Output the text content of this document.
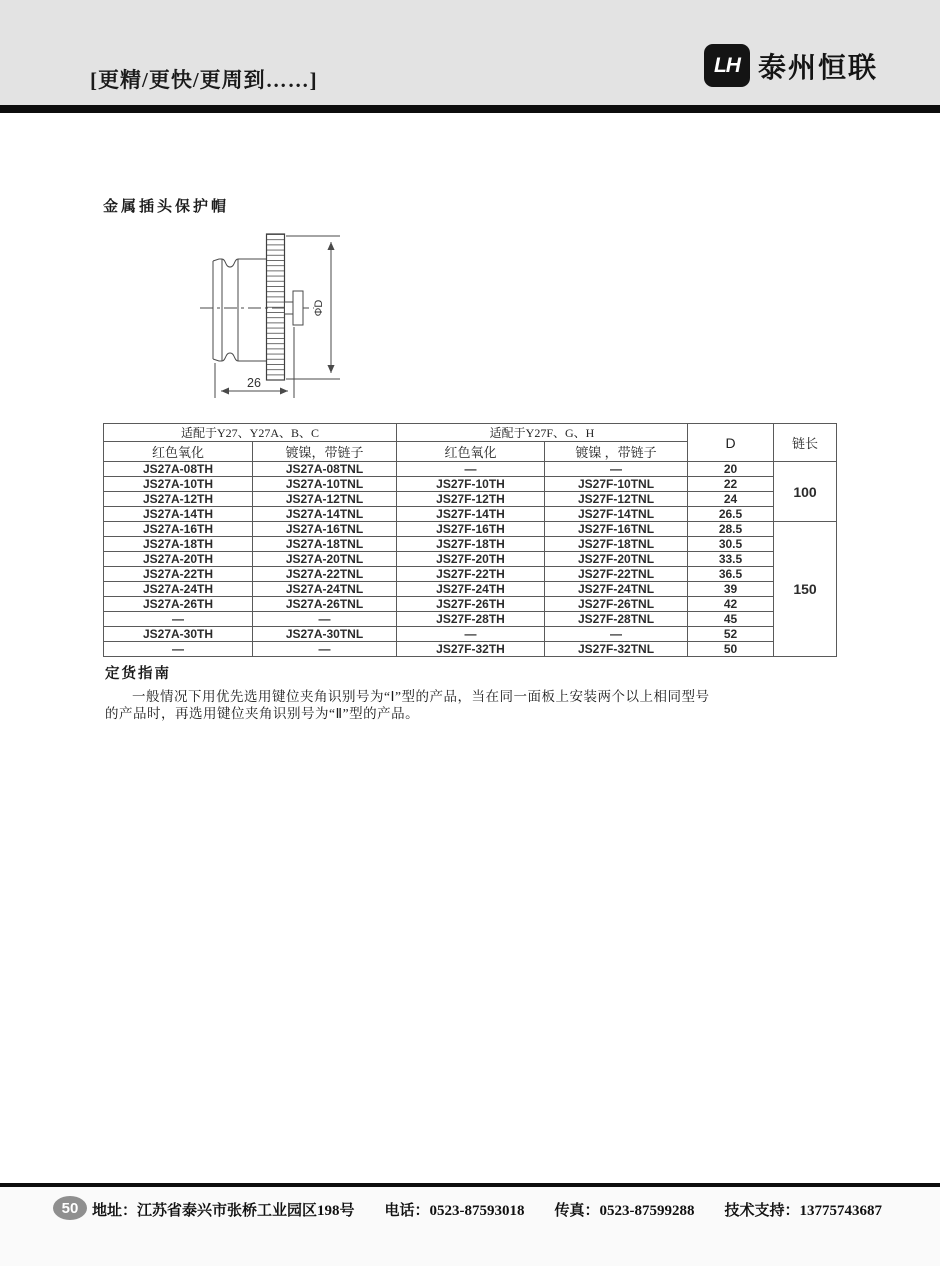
[更精/更快/更周到……]
LH 泰州恒联
金属插头保护帽
ΦD
26
适配于Y27、Y27A、B、C		适配于Y27F、G、H		D	链长
红色氧化	镀镍，带链子	红色氧化	镀镍 ，带链子		
JS27A-08TH	JS27A-08TNL	—	—	20	100
JS27A-10TH	JS27A-10TNL	JS27F-10TH	JS27F-10TNL	22	
JS27A-12TH	JS27A-12TNL	JS27F-12TH	JS27F-12TNL	24	
JS27A-14TH	JS27A-14TNL	JS27F-14TH	JS27F-14TNL	26.5	
JS27A-16TH	JS27A-16TNL	JS27F-16TH	JS27F-16TNL	28.5	150
JS27A-18TH	JS27A-18TNL	JS27F-18TH	JS27F-18TNL	30.5	
JS27A-20TH	JS27A-20TNL	JS27F-20TH	JS27F-20TNL	33.5	
JS27A-22TH	JS27A-22TNL	JS27F-22TH	JS27F-22TNL	36.5	
JS27A-24TH	JS27A-24TNL	JS27F-24TH	JS27F-24TNL	39	
JS27A-26TH	JS27A-26TNL	JS27F-26TH	JS27F-26TNL	42	
—	—	JS27F-28TH	JS27F-28TNL	45	
JS27A-30TH	JS27A-30TNL	—	—	52	
—	—	JS27F-32TH	JS27F-32TNL	50	
定货指南
一般情况下用优先选用键位夹角识别号为“Ⅰ”型的产品，当在同一面板上安装两个以上相同型号
的产品时，再选用键位夹角识别号为“Ⅱ”型的产品。
50 地址：江苏省泰兴市张桥工业园区198号 电话：0523-87593018 传真：0523-87599288 技术支持：13775743687
